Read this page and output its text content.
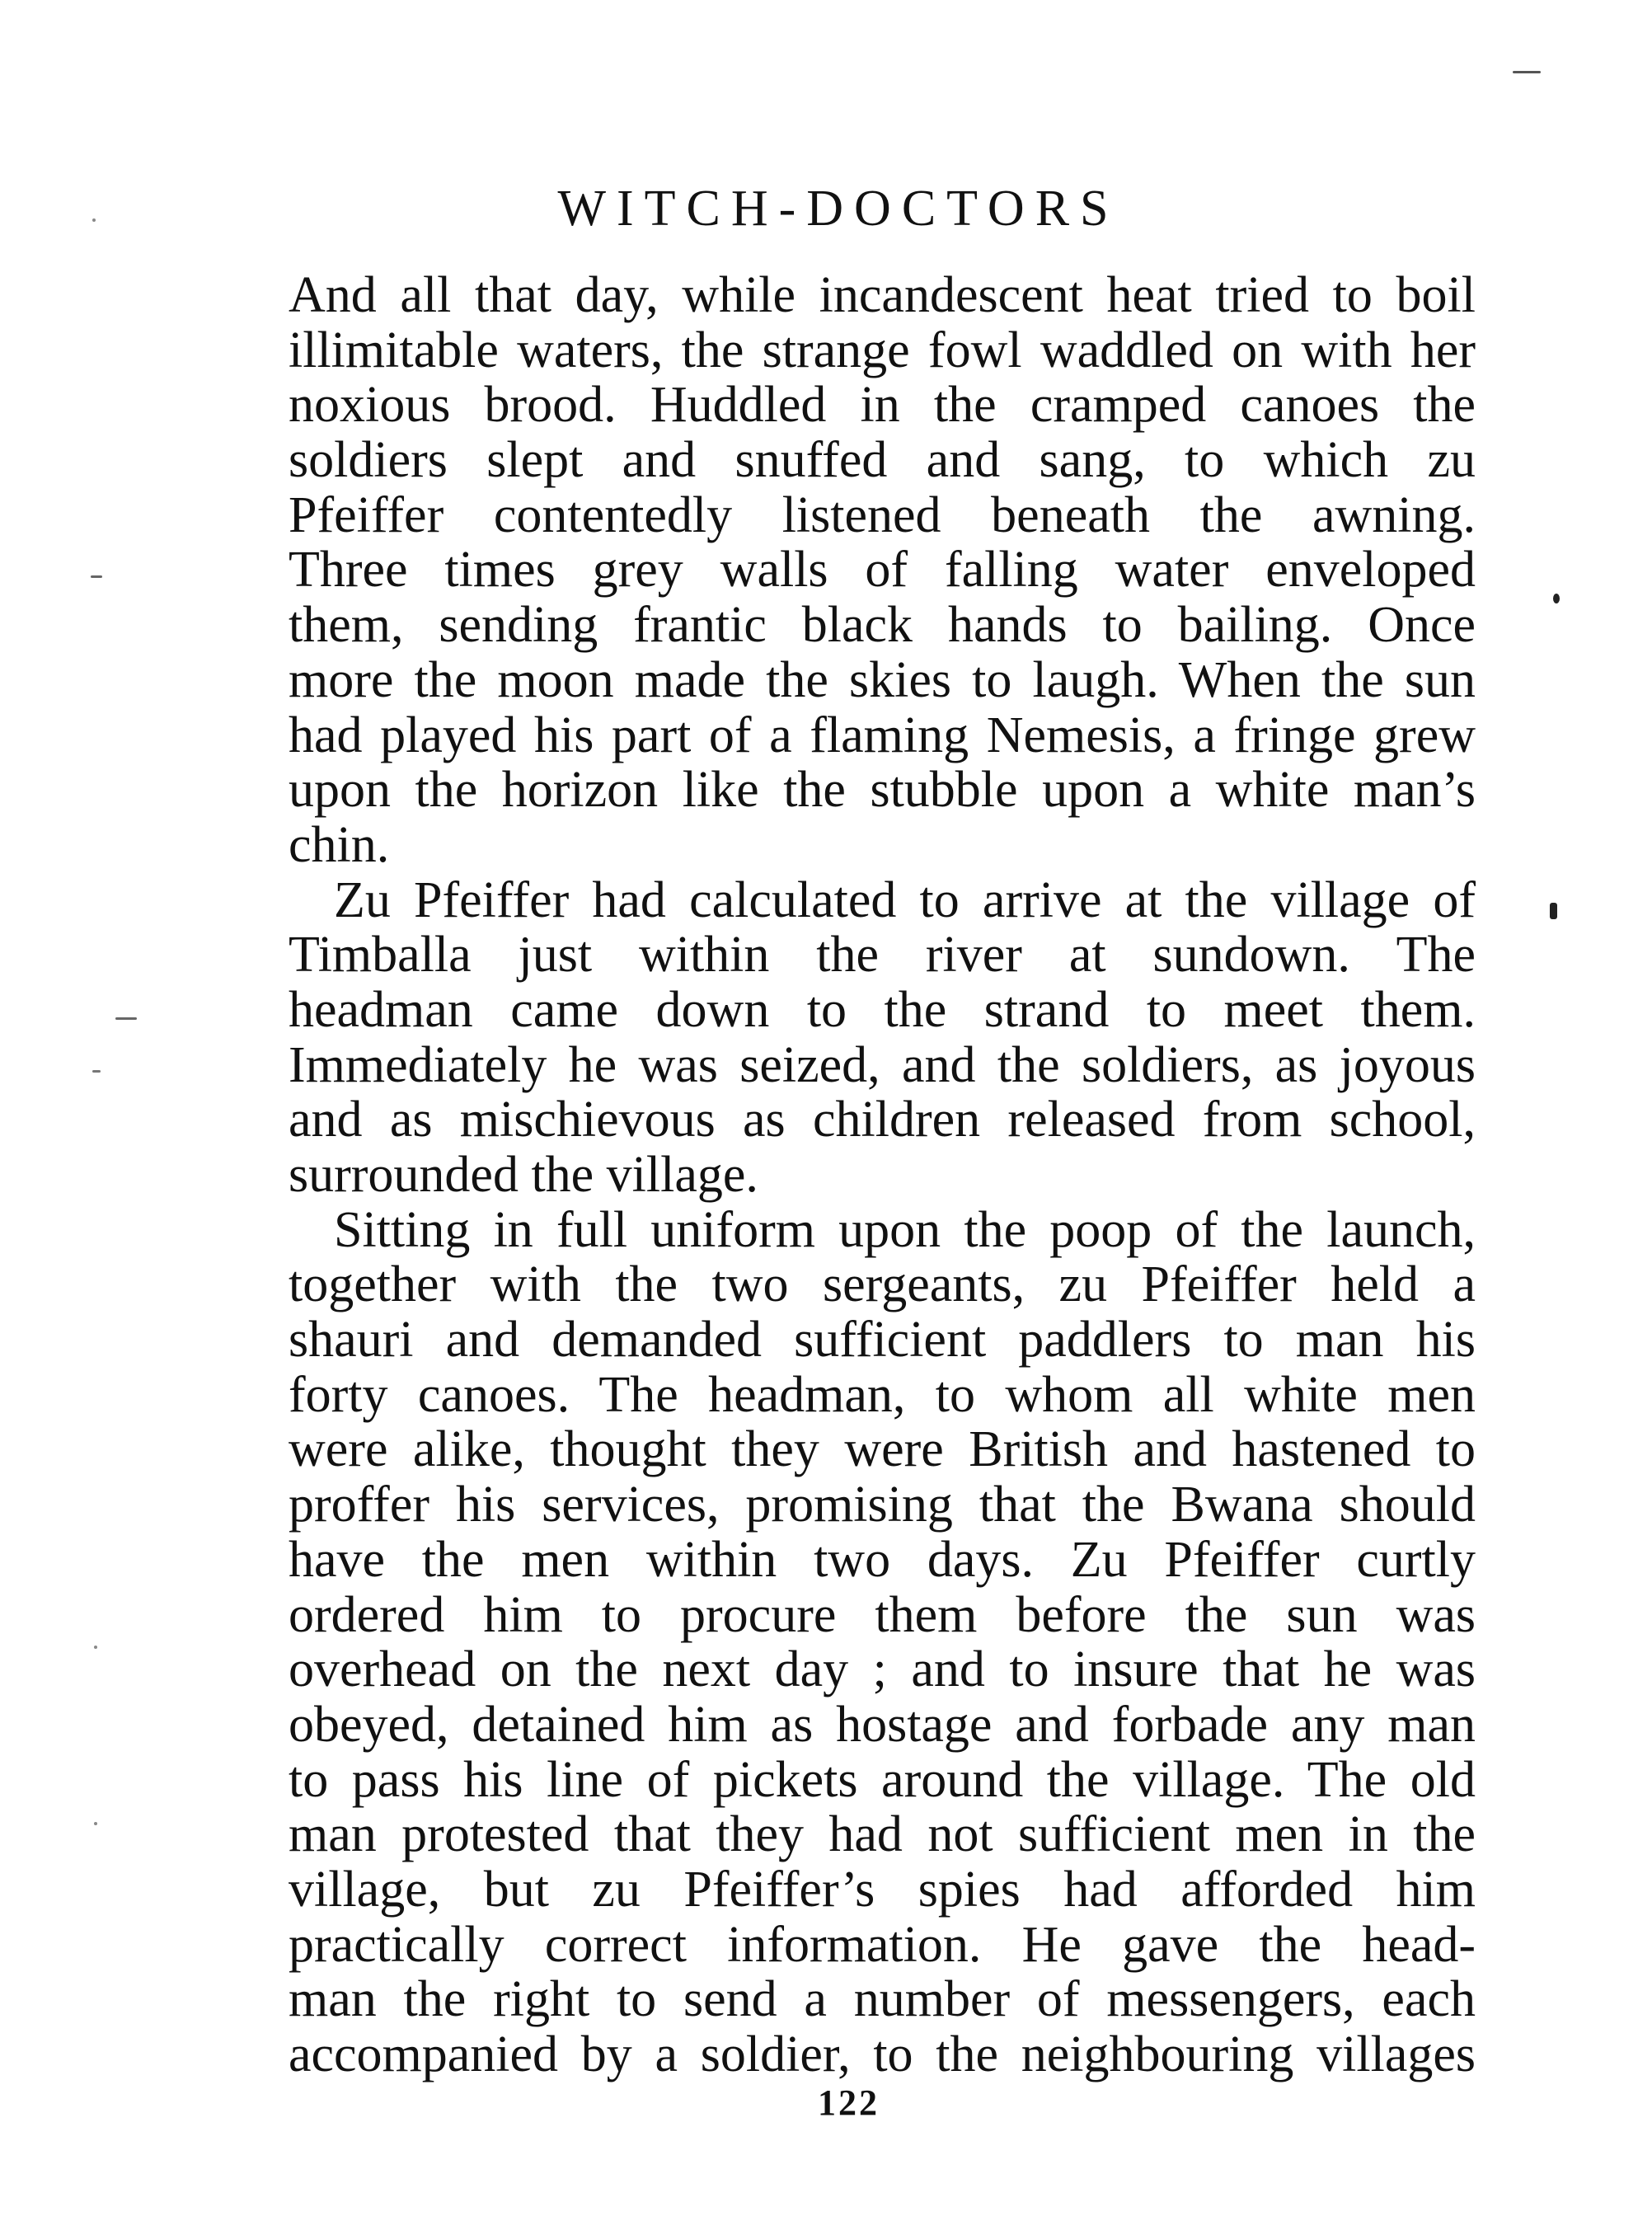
WITCH-DOCTORS
And all that day, while incandescent heat tried to boil
illimitable waters, the strange fowl waddled on with her
noxious brood. Huddled in the cramped canoes the
soldiers slept and snuffed and sang, to which zu
Pfeiffer contentedly listened beneath the awning.
Three times grey walls of falling water enveloped
them, sending frantic black hands to bailing. Once
more the moon made the skies to laugh. When the sun
had played his part of a flaming Nemesis, a fringe grew
upon the horizon like the stubble upon a white man’s
chin.
Zu Pfeiffer had calculated to arrive at the village of
Timballa just within the river at sundown. The
headman came down to the strand to meet them.
Immediately he was seized, and the soldiers, as joyous
and as mischievous as children released from school,
surrounded the village.
Sitting in full uniform upon the poop of the launch,
together with the two sergeants, zu Pfeiffer held a
shauri and demanded sufficient paddlers to man his
forty canoes. The headman, to whom all white men
were alike, thought they were British and hastened to
proffer his services, promising that the Bwana should
have the men within two days. Zu Pfeiffer curtly
ordered him to procure them before the sun was
overhead on the next day ; and to insure that he was
obeyed, detained him as hostage and forbade any man
to pass his line of pickets around the village. The old
man protested that they had not sufficient men in the
village, but zu Pfeiffer’s spies had afforded him
practically correct information. He gave the head-
man the right to send a number of messengers, each
accompanied by a soldier, to the neighbouring villages
122
